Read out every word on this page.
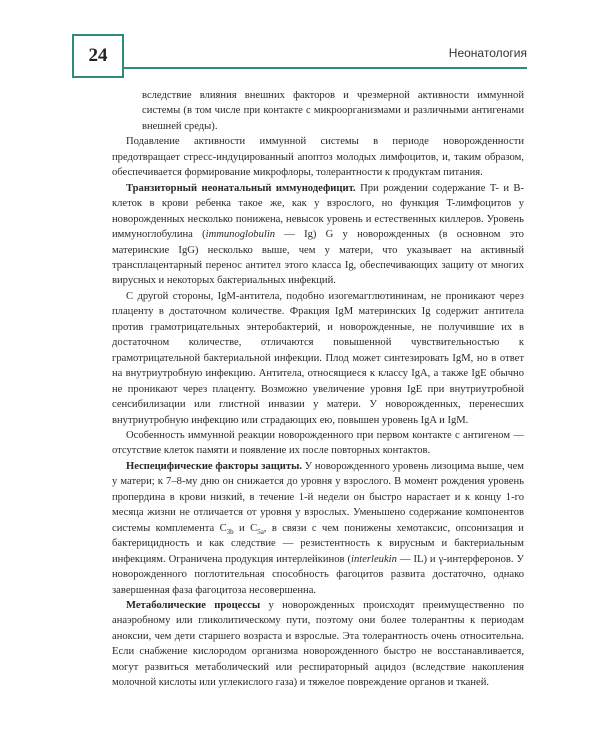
24	Неонатология

вследствие влияния внешних факторов и чрезмерной активности иммунной системы (в том числе при контакте с микроорганизмами и различными антигенами внешней среды).

Подавление активности иммунной системы в периоде новорожденности предотвращает стресс-индуцированный апоптоз молодых лимфоцитов, и, таким образом, обеспечивается формирование микрофлоры, толерантности к продуктам питания.

Транзиторный неонатальный иммунодефицит. При рождении содержание T- и B-клеток в крови ребенка такое же, как у взрослого, но функция T-лимфоцитов у новорожденных несколько понижена, невысок уровень и естественных киллеров. Уровень иммуноглобулина (immunoglobulin — Ig) G у новорожденных (в основном это материнские IgG) несколько выше, чем у матери, что указывает на активный трансплацентарный перенос антител этого класса Ig, обеспечивающих защиту от многих вирусных и некоторых бактериальных инфекций.

С другой стороны, IgM-антитела, подобно изогемагглютининам, не проникают через плаценту в достаточном количестве. Фракция IgM материнских Ig содержит антитела против грамотрицательных энтеробактерий, и новорожденные, не получившие их в достаточном количестве, отличаются повышенной чувствительностью к грамотрицательной бактериальной инфекции. Плод может синтезировать IgM, но в ответ на внутриутробную инфекцию. Антитела, относящиеся к классу IgA, а также IgE обычно не проникают через плаценту. Возможно увеличение уровня IgE при внутриутробной сенсибилизации или глистной инвазии у матери. У новорожденных, перенесших внутриутробную инфекцию или страдающих ею, повышен уровень IgA и IgM.

Особенность иммунной реакции новорожденного при первом контакте с антигеном — отсутствие клеток памяти и появление их после повторных контактов.

Неспецифические факторы защиты. У новорожденного уровень лизоцима выше, чем у матери; к 7–8-му дню он снижается до уровня у взрослого. В момент рождения уровень пропердина в крови низкий, в течение 1-й недели он быстро нарастает и к концу 1-го месяца жизни не отличается от уровня у взрослых. Уменьшено содержание компонентов системы комплемента $C_{3b}$ и $C_{5a}$, в связи с чем понижены хемотаксис, опсонизация и бактерицидность и как следствие — резистентность к вирусным и бактериальным инфекциям. Ограничена продукция интерлейкинов (interleukin — IL) и γ-интерферонов. У новорожденного поглотительная способность фагоцитов развита достаточно, однако завершенная фаза фагоцитоза несовершенна.

Метаболические процессы у новорожденных происходят преимущественно по анаэробному или гликолитическому пути, поэтому они более толерантны к периодам аноксии, чем дети старшего возраста и взрослые. Эта толерантность очень относительна. Если снабжение кислородом организма новорожденного быстро не восстанавливается, могут развиться метаболический или респираторный ацидоз (вследствие накопления молочной кислоты или углекислого газа) и тяжелое повреждение органов и тканей.
